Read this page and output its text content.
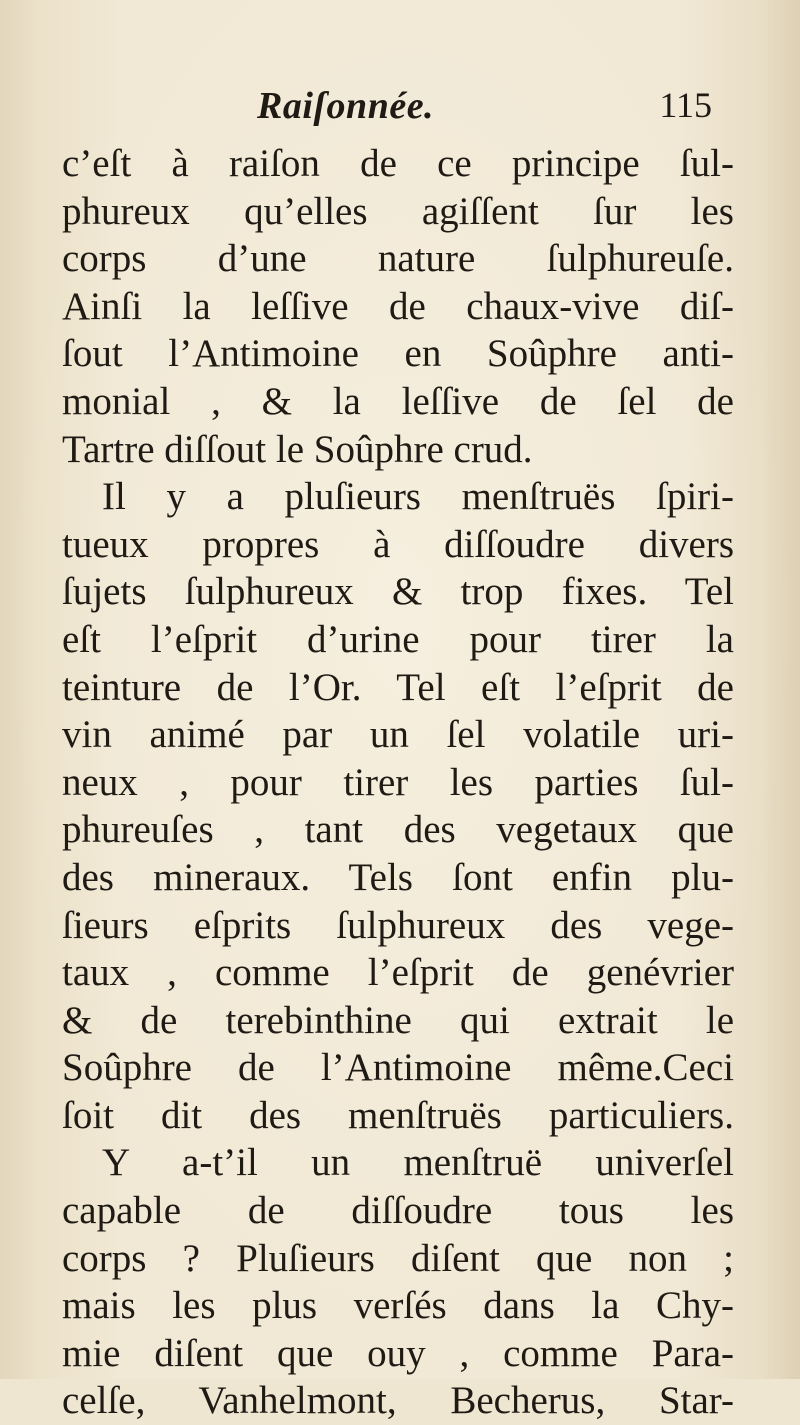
Raiſonnée.	115
c’eſt à raiſon de ce principe ſul-
phureux qu’elles agiſſent ſur les
corps d’une nature ſulphureuſe.
Ainſi la leſſive de chaux-vive diſ-
ſout l’Antimoine en Soûphre anti-
monial , & la leſſive de ſel de
Tartre diſſout le Soûphre crud.
Il y a pluſieurs menſtruës ſpiri-
tueux propres à diſſoudre divers
ſujets ſulphureux & trop fixes. Tel
eſt l’eſprit d’urine pour tirer la
teinture de l’Or. Tel eſt l’eſprit de
vin animé par un ſel volatile uri-
neux , pour tirer les parties ſul-
phureuſes , tant des vegetaux que
des mineraux. Tels ſont enfin plu-
ſieurs eſprits ſulphureux des vege-
taux , comme l’eſprit de genévrier
& de terebinthine qui extrait le
Soûphre de l’Antimoine même.Ceci
ſoit dit des menſtruës particuliers.
Y a-t’il un menſtruë univerſel
capable de diſſoudre tous les
corps ? Pluſieurs diſent que non ;
mais les plus verſés dans la Chy-
mie diſent que ouy , comme Para-
celſe, Vanhelmont, Becherus, Star-
